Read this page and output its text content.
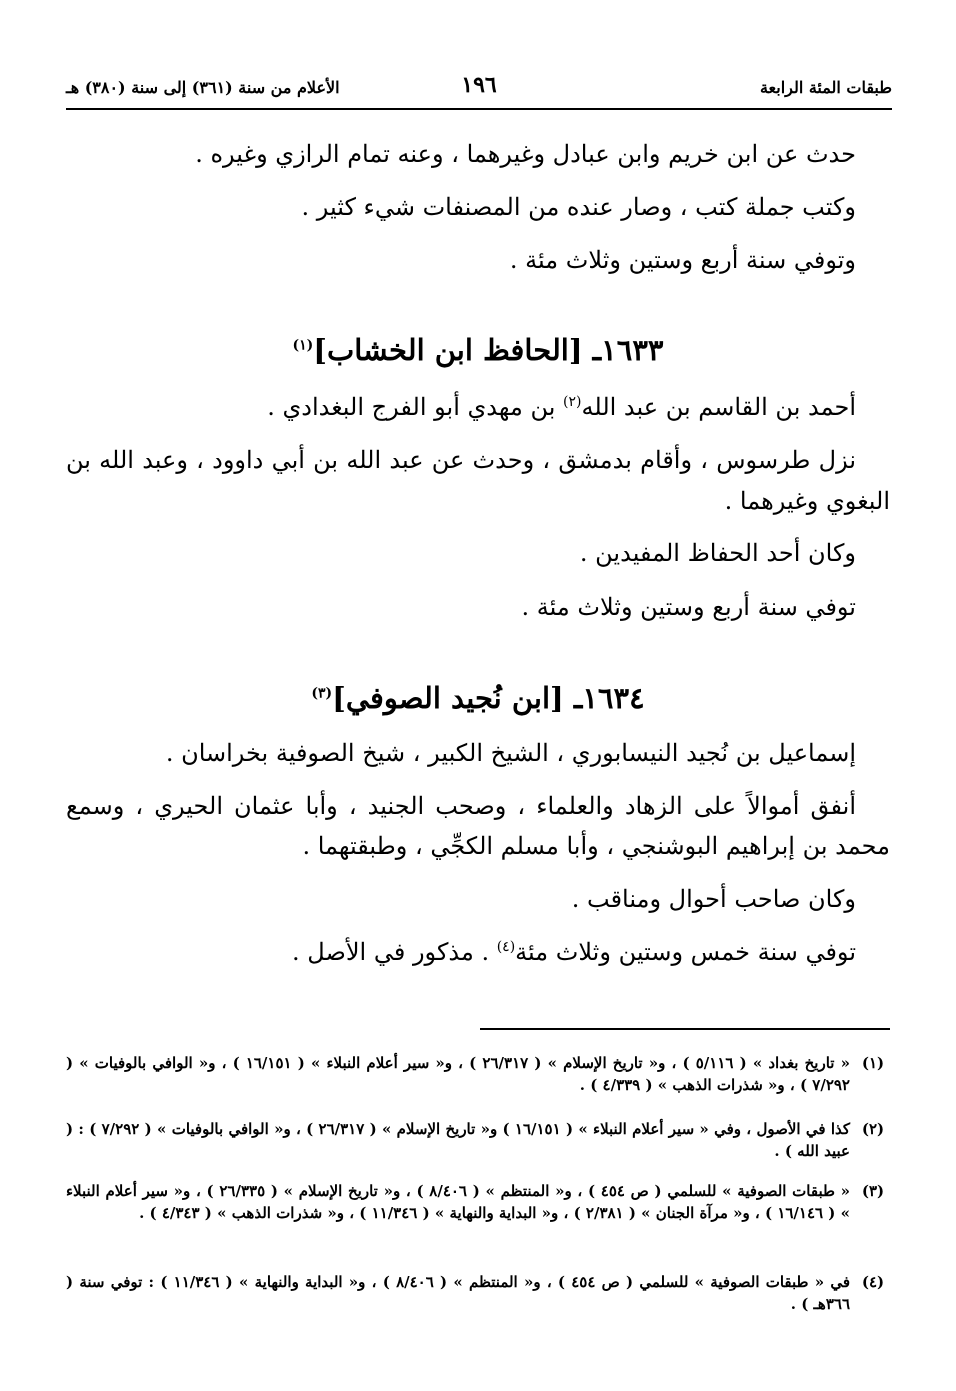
طبقات المئة الرابعة
١٩٦
الأعلام من سنة (٣٦١) إلى سنة (٣٨٠) هـ
حدث عن ابن خريم وابن عبادل وغيرهما ، وعنه تمام الرازي وغيره .
وكتب جملة كتب ، وصار عنده من المصنفات شيء كثير .
وتوفي سنة أربع وستين وثلاث مئة .
١٦٣٣ـ [الحافظ ابن الخشاب]$^{(١)}$
أحمد بن القاسم بن عبد الله$^{(٢)}$ بن مهدي أبو الفرج البغدادي .
نزل طرسوس ، وأقام بدمشق ، وحدث عن عبد الله بن أبي داوود ، وعبد الله بن
البغوي وغيرهما .
وكان أحد الحفاظ المفيدين .
توفي سنة أربع وستين وثلاث مئة .
١٦٣٤ـ [ابن نُجيد الصوفي]$^{(٣)}$
إسماعيل بن نُجيد النيسابوري ، الشيخ الكبير ، شيخ الصوفية بخراسان .
أنفق أموالاً على الزهاد والعلماء ، وصحب الجنيد ، وأبا عثمان الحيري ، وسمع
محمد بن إبراهيم البوشنجي ، وأبا مسلم الكجِّي ، وطبقتهما .
وكان صاحب أحوال ومناقب .
توفي سنة خمس وستين وثلاث مئة$^{(٤)}$ . مذكور في الأصل .
(١)
« تاريخ بغداد » ( ٥/١١٦ ) ، و« تاريخ الإسلام » ( ٢٦/٣١٧ ) ، و« سير أعلام النبلاء » ( ١٦/١٥١ ) ، و« الوافي بالوفيات » ( ٧/٢٩٢ ) ، و« شذرات الذهب » ( ٤/٣٣٩ ) .
(٢)
كذا في الأصول ، وفي « سير أعلام النبلاء » ( ١٦/١٥١ ) و« تاريخ الإسلام » ( ٢٦/٣١٧ ) ، و« الوافي بالوفيات » ( ٧/٢٩٢ ) : ( عبيد الله ) .
(٣)
« طبقات الصوفية » للسلمي ( ص ٤٥٤ ) ، و« المنتظم » ( ٨/٤٠٦ ) ، و« تاريخ الإسلام » ( ٢٦/٣٣٥ ) ، و« سير أعلام النبلاء » ( ١٦/١٤٦ ) ، و« مرآة الجنان » ( ٢/٣٨١ ) ، و« البداية والنهاية » ( ١١/٣٤٦ ) ، و« شذرات الذهب » ( ٤/٣٤٣ ) .
(٤)
في « طبقات الصوفية » للسلمي ( ص ٤٥٤ ) ، و« المنتظم » ( ٨/٤٠٦ ) ، و« البداية والنهاية » ( ١١/٣٤٦ ) : توفي سنة ( ٣٦٦هـ ) .
